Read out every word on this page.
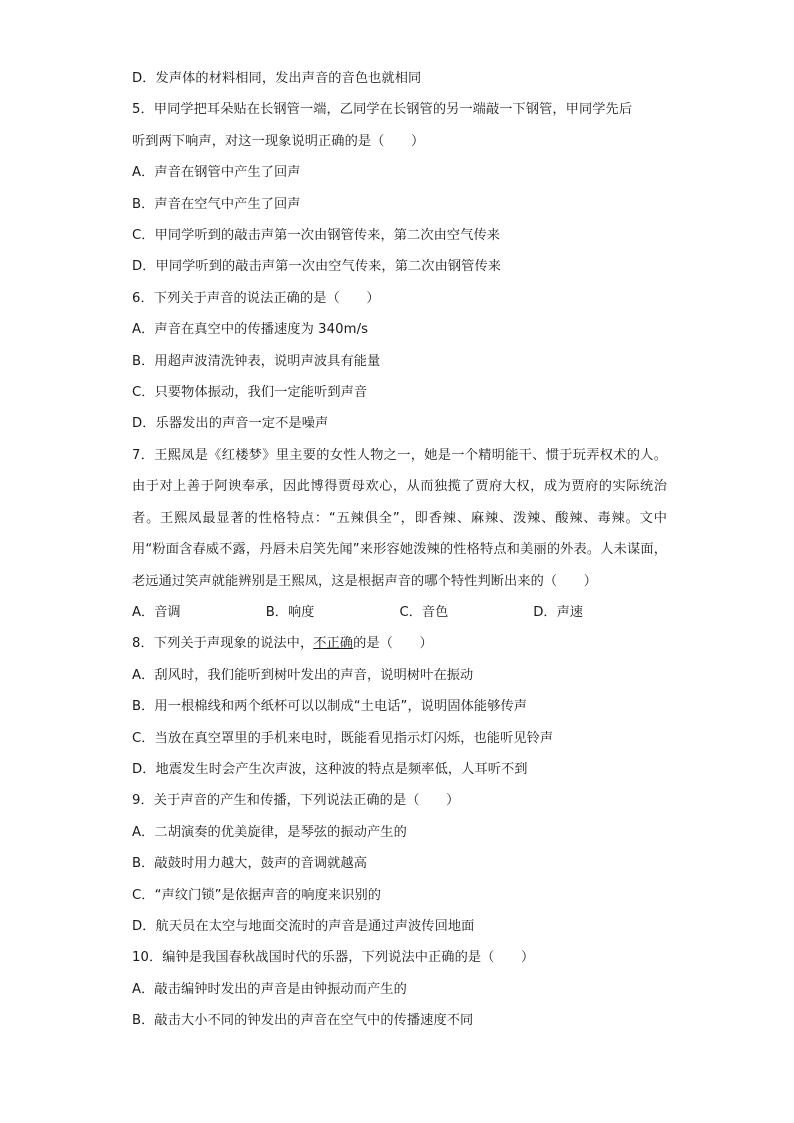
D．发声体的材料相同，发出声音的音色也就相同
5．甲同学把耳朵贴在长钢管一端，乙同学在长钢管的另一端敲一下钢管，甲同学先后
听到两下响声，对这一现象说明正确的是（　　）
A．声音在钢管中产生了回声
B．声音在空气中产生了回声
C．甲同学听到的敲击声第一次由钢管传来，第二次由空气传来
D．甲同学听到的敲击声第一次由空气传来，第二次由钢管传来
6．下列关于声音的说法正确的是（　　）
A．声音在真空中的传播速度为 340m/s
B．用超声波清洗钟表，说明声波具有能量
C．只要物体振动，我们一定能听到声音
D．乐器发出的声音一定不是噪声
7．王熙凤是《红楼梦》里主要的女性人物之一，她是一个精明能干、惯于玩弄权术的人。由于对上善于阿谀奉承，因此博得贾母欢心，从而独揽了贾府大权，成为贾府的实际统治者。王熙凤最显著的性格特点：“五辣俱全”，即香辣、麻辣、泼辣、酸辣、毒辣。文中用“粉面含春威不露，丹唇未启笑先闻”来形容她泼辣的性格特点和美丽的外表。人未谋面，老远通过笑声就能辨别是王熙凤，这是根据声音的哪个特性判断出来的（　　）
A．音调	B．响度	C．音色	D．声速
8．下列关于声现象的说法中，不正确的是（　　）
A．刮风时，我们能听到树叶发出的声音，说明树叶在振动
B．用一根棉线和两个纸杯可以以制成“土电话”，说明固体能够传声
C．当放在真空罩里的手机来电时，既能看见指示灯闪烁，也能听见铃声
D．地震发生时会产生次声波，这种波的特点是频率低，人耳听不到
9．关于声音的产生和传播，下列说法正确的是（　　）
A．二胡演奏的优美旋律，是琴弦的振动产生的
B．敲鼓时用力越大，鼓声的音调就越高
C．“声纹门锁”是依据声音的响度来识别的
D．航天员在太空与地面交流时的声音是通过声波传回地面
10．编钟是我国春秋战国时代的乐器，下列说法中正确的是（　　）
A．敲击编钟时发出的声音是由钟振动而产生的
B．敲击大小不同的钟发出的声音在空气中的传播速度不同
